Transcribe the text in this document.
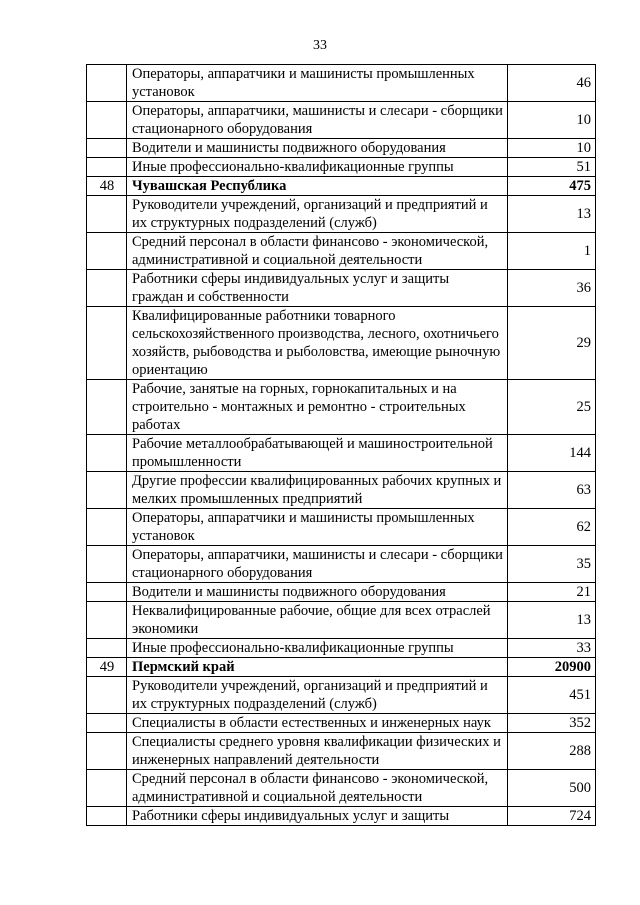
33
	Операторы, аппаратчики и машинисты промышленных установок	46
	Операторы, аппаратчики, машинисты и слесари - сборщики стационарного оборудования	10
	Водители и машинисты подвижного оборудования	10
	Иные профессионально-квалификационные группы	51
48	Чувашская Республика	475
	Руководители учреждений, организаций и предприятий и их структурных подразделений (служб)	13
	Средний персонал в области финансово - экономической, административной и социальной деятельности	1
	Работники сферы индивидуальных услуг и защиты граждан и собственности	36
	Квалифицированные работники товарного сельскохозяйственного производства, лесного, охотничьего хозяйств, рыбоводства и рыболовства, имеющие рыночную ориентацию	29
	Рабочие, занятые на горных, горнокапитальных и на строительно - монтажных и ремонтно - строительных работах	25
	Рабочие металлообрабатывающей и машиностроительной промышленности	144
	Другие профессии квалифицированных рабочих крупных и мелких промышленных предприятий	63
	Операторы, аппаратчики и машинисты промышленных установок	62
	Операторы, аппаратчики, машинисты и слесари - сборщики стационарного оборудования	35
	Водители и машинисты подвижного оборудования	21
	Неквалифицированные рабочие, общие для всех отраслей экономики	13
	Иные профессионально-квалификационные группы	33
49	Пермский край	20900
	Руководители учреждений, организаций и предприятий и их структурных подразделений (служб)	451
	Специалисты в области естественных и инженерных наук	352
	Специалисты среднего уровня квалификации физических и инженерных направлений деятельности	288
	Средний персонал в области финансово - экономической, административной и социальной деятельности	500
	Работники сферы индивидуальных услуг и защиты	724
